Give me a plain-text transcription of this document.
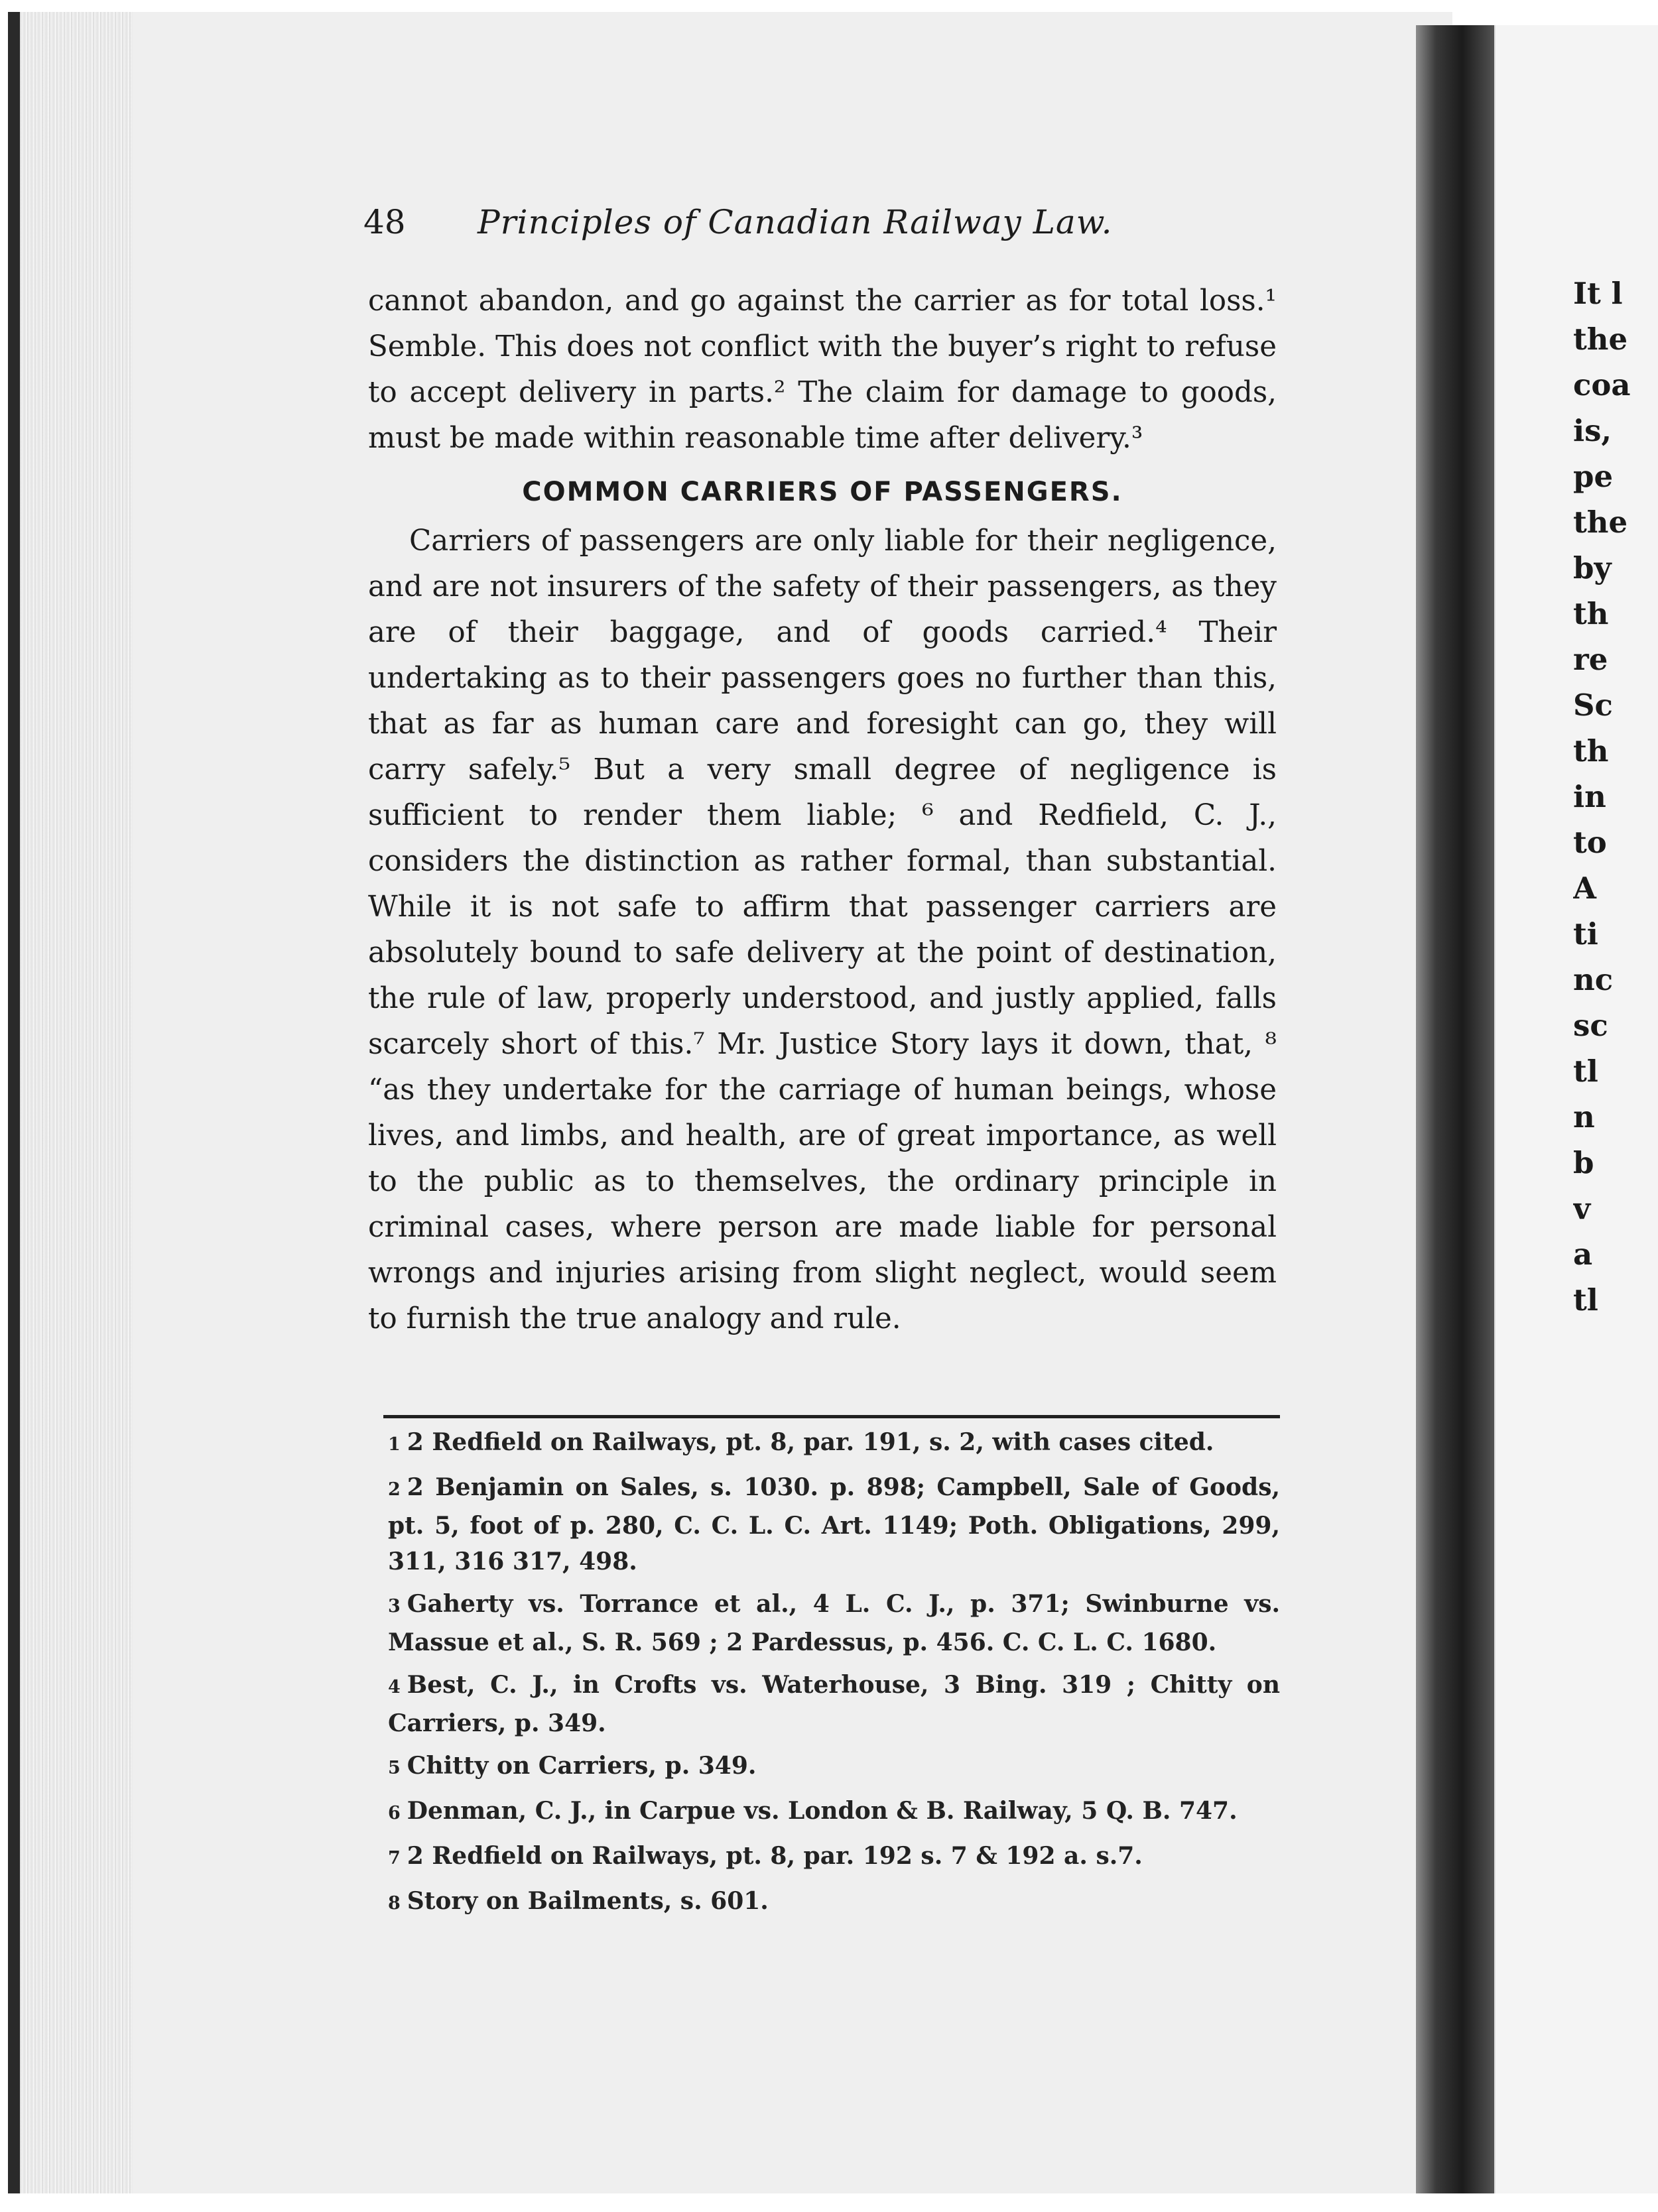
48 Principles of Canadian Railway Law.

cannot abandon, and go against the carrier as for total loss.¹ Semble. This does not conflict with the buyer’s right to refuse to accept delivery in parts.² The claim for damage to goods, must be made within reasonable time after delivery.³

COMMON CARRIERS OF PASSENGERS.

Carriers of passengers are only liable for their negligence, and are not insurers of the safety of their passengers, as they are of their baggage, and of goods carried.⁴ Their undertaking as to their passengers goes no further than this, that as far as human care and foresight can go, they will carry safely.⁵ But a very small degree of negligence is sufficient to render them liable; ⁶ and Redfield, C. J., considers the distinction as rather formal, than substantial. While it is not safe to affirm that passenger carriers are absolutely bound to safe delivery at the point of destination, the rule of law, properly understood, and justly applied, falls scarcely short of this.⁷ Mr. Justice Story lays it down, that, ⁸ “as they undertake for the carriage of human beings, whose lives, and limbs, and health, are of great importance, as well to the public as to themselves, the ordinary principle in criminal cases, where person are made liable for personal wrongs and injuries arising from slight neglect, would seem to furnish the true analogy and rule.

1 2 Redfield on Railways, pt. 8, par. 191, s. 2, with cases cited.

2 2 Benjamin on Sales, s. 1030. p. 898; Campbell, Sale of Goods, pt. 5, foot of p. 280, C. C. L. C. Art. 1149; Poth. Obligations, 299, 311, 316 317, 498.

3 Gaherty vs. Torrance et al., 4 L. C. J., p. 371; Swinburne vs. Massue et al., S. R. 569 ; 2 Pardessus, p. 456. C. C. L. C. 1680.

4 Best, C. J., in Crofts vs. Waterhouse, 3 Bing. 319 ; Chitty on Carriers, p. 349.

5 Chitty on Carriers, p. 349.

6 Denman, C. J., in Carpue vs. London & B. Railway, 5 Q. B. 747.

7 2 Redfield on Railways, pt. 8, par. 192 s. 7 & 192 a. s.7.

8 Story on Bailments, s. 601.

It l
the
coa
is,
pe
the
by
th
re
Sc
th
in
to
A
ti
nc
sc
tl
n
b
v
a
tl
